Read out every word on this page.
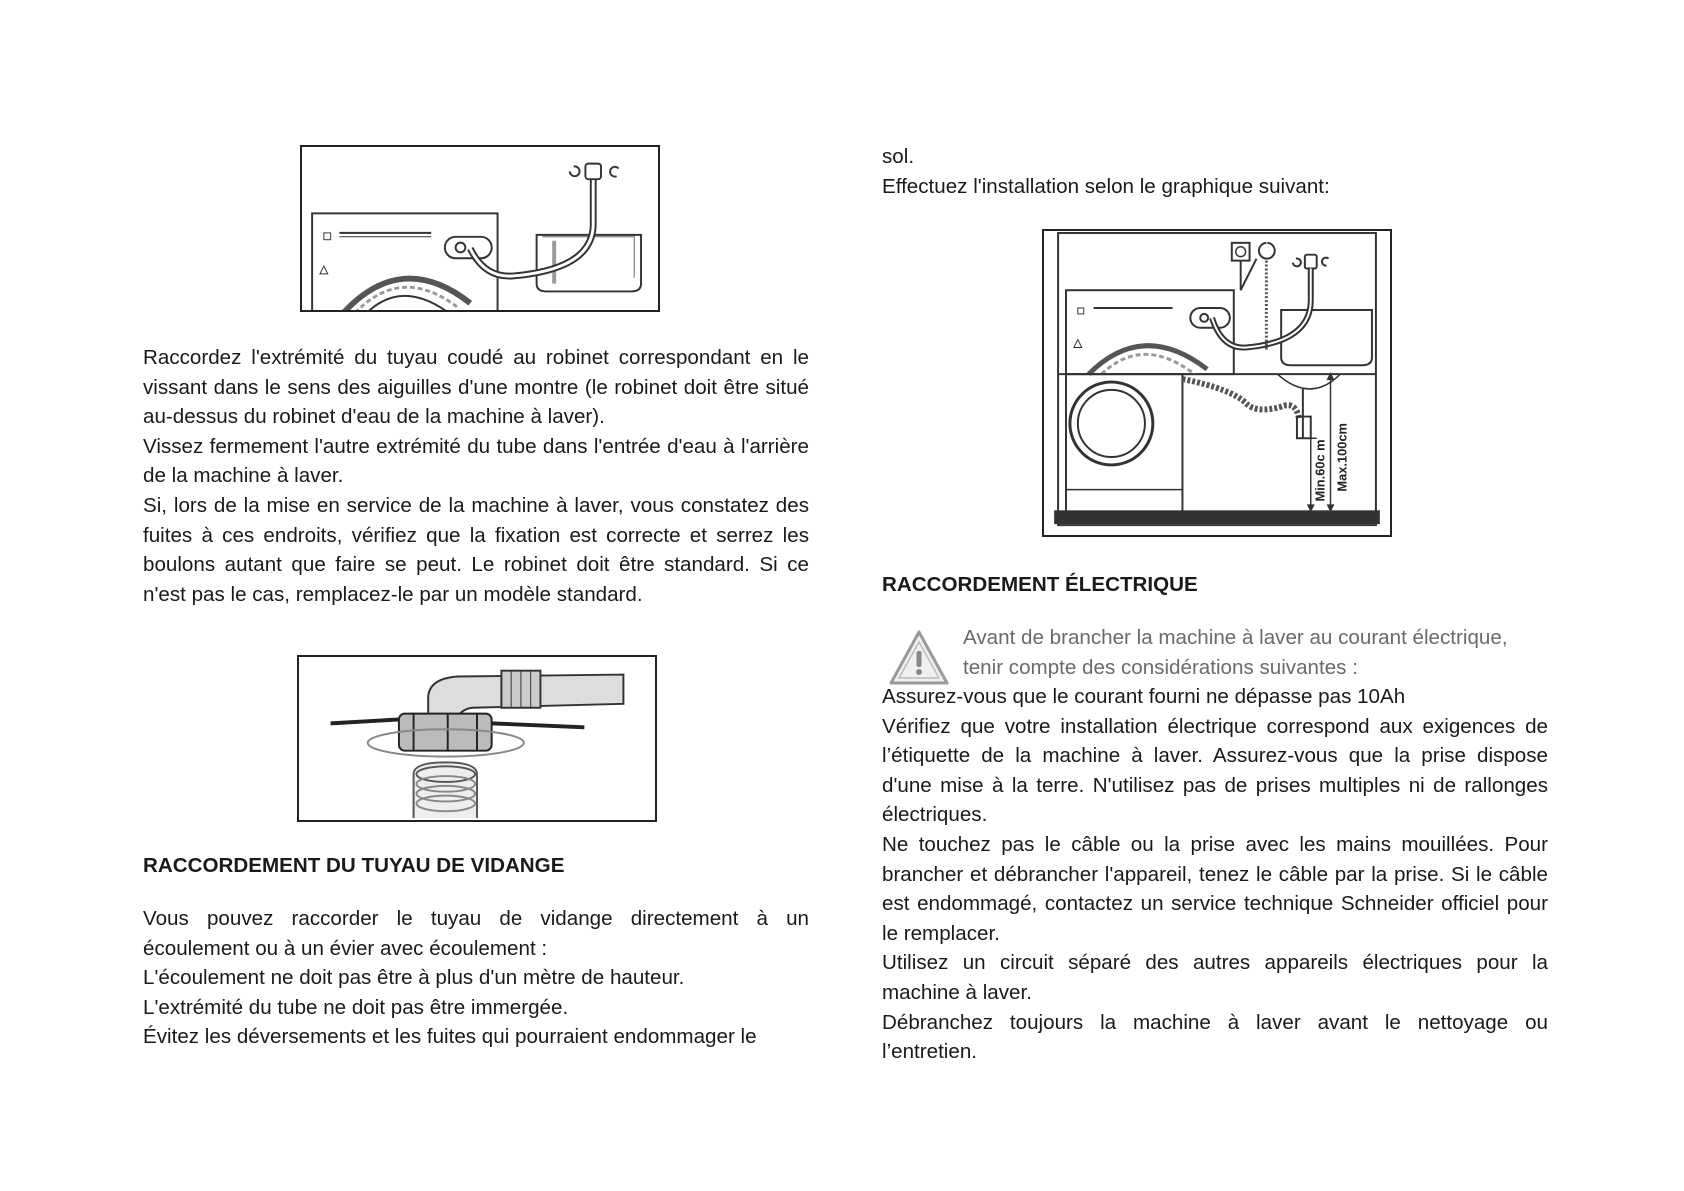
Raccordez l'extrémité du tuyau coudé au robinet correspondant en le vissant dans le sens des aiguilles d'une montre (le robinet doit être situé au-dessus du robinet d'eau de la machine à laver).
Vissez fermement l'autre extrémité du tube dans l'entrée d'eau à l'arrière de la machine à laver.
Si, lors de la mise en service de la machine à laver, vous constatez des fuites à ces endroits, vérifiez que la fixation est correcte et serrez les boulons autant que faire se peut. Le robinet doit être standard. Si ce n'est pas le cas, remplacez-le par un modèle standard.
RACCORDEMENT DU TUYAU DE VIDANGE
Vous pouvez raccorder le tuyau de vidange directement à un écoulement ou à un évier avec écoulement :
L'écoulement ne doit pas être à plus d'un mètre de hauteur.
L'extrémité du tube ne doit pas être immergée.
Évitez les déversements et les fuites qui pourraient endommager le
sol.
Effectuez l'installation selon le graphique suivant:
Min.60c m Max.100cm
RACCORDEMENT ÉLECTRIQUE
Avant de brancher la machine à laver au courant électrique,
tenir compte des considérations suivantes :
Assurez-vous que le courant fourni ne dépasse pas 10Ah
Vérifiez que votre installation électrique correspond aux exigences de l’étiquette de la machine à laver. Assurez-vous que la prise dispose d'une mise à la terre. N'utilisez pas de prises multiples ni de rallonges électriques.
Ne touchez pas le câble ou la prise avec les mains mouillées. Pour brancher et débrancher l'appareil, tenez le câble par la prise. Si le câble est endommagé, contactez un service technique Schneider officiel pour le remplacer.
Utilisez un circuit séparé des autres appareils électriques pour la machine à laver.
Débranchez toujours la machine à laver avant le nettoyage ou l’entretien.
